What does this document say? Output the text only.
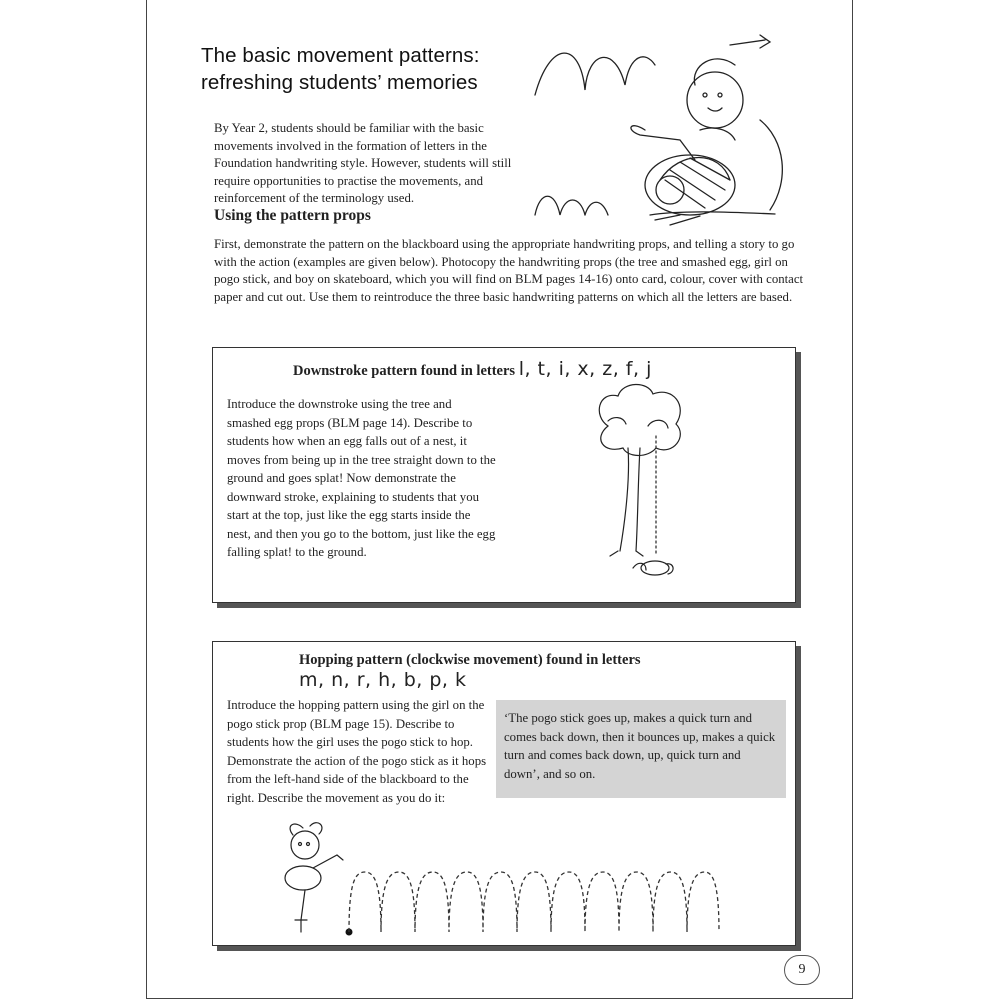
The basic movement patterns:
refreshing students’ memories

By Year 2, students should be familiar with the basic movements involved in the formation of letters in the Foundation handwriting style. However, students will still require opportunities to practise the movements, and reinforcement of the terminology used.

Using the pattern props

First, demonstrate the pattern on the blackboard using the appropriate handwriting props, and telling a story to go with the action (examples are given below). Photocopy the handwriting props (the tree and smashed egg, girl on pogo stick, and boy on skateboard, which you will find on BLM pages 14-16) onto card, colour, cover with contact paper and cut out. Use them to reintroduce the three basic handwriting patterns on which all the letters are based.

Downstroke pattern found in letters l, t, i, x, z, f, j

Introduce the downstroke using the tree and smashed egg props (BLM page 14). Describe to students how when an egg falls out of a nest, it moves from being up in the tree straight down to the ground and goes splat! Now demonstrate the downward stroke, explaining to students that you start at the top, just like the egg starts inside the nest, and then you go to the bottom, just like the egg falling splat! to the ground.

Hopping pattern (clockwise movement) found in letters
m, n, r, h, b, p, k

Introduce the hopping pattern using the girl on the pogo stick prop (BLM page 15). Describe to students how the girl uses the pogo stick to hop. Demonstrate the action of the pogo stick as it hops from the left-hand side of the blackboard to the right. Describe the movement as you do it:

‘The pogo stick goes up, makes a quick turn and comes back down, then it bounces up, makes a quick turn and comes back down, up, quick turn and down’, and so on.

9
